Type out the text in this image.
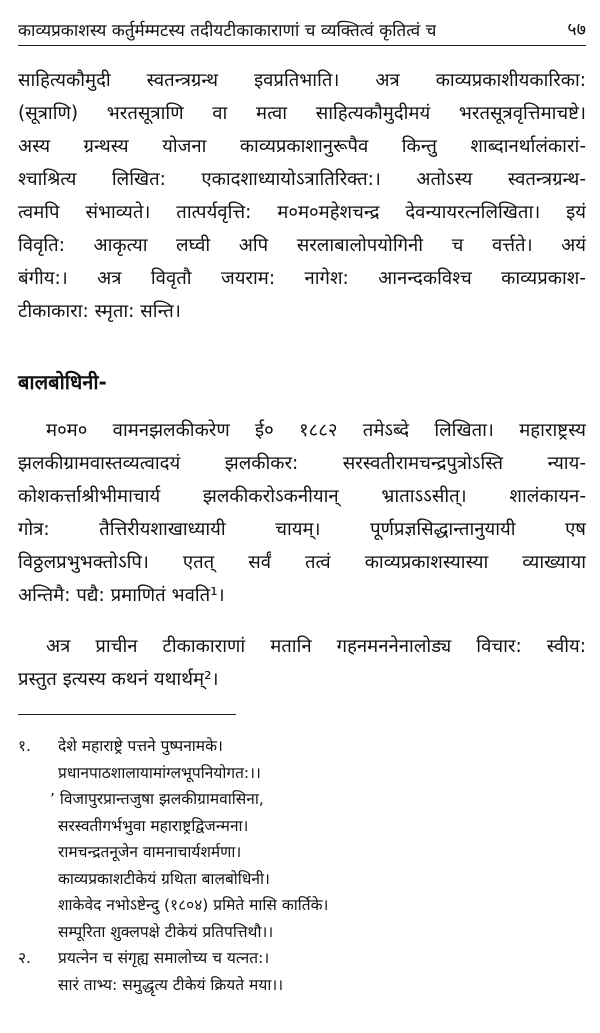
काव्यप्रकाशस्य कर्तुर्मम्मटस्य तदीयटीकाकाराणां च व्यक्तित्वं कृतित्वं च	५७
साहित्यकौमुदी स्वतन्त्रग्रन्थ इवप्रतिभाति। अत्र काव्यप्रकाशीयकारिका:
(सूत्राणि) भरतसूत्राणि वा मत्वा साहित्यकौमुदीमयं भरतसूत्रवृत्तिमाचष्टे।
अस्य ग्रन्थस्य योजना काव्यप्रकाशानुरूपैव किन्तु शाब्दानर्थालंकारां-
श्चाश्रित्य लिखित: एकादशाध्यायोऽत्रातिरिक्त:। अतोऽस्य स्वतन्त्रग्रन्थ-
त्वमपि संभाव्यते। तात्पर्यवृत्ति: म०म०महेशचन्द्र देवन्यायरत्नलिखिता। इयं
विवृति: आकृत्या लघ्वी अपि सरलाबालोपयोगिनी च वर्त्तते। अयं
बंगीय:। अत्र विवृतौ जयराम: नागेश: आनन्दकविश्च काव्यप्रकाश-
टीकाकारा: स्मृता: सन्ति।
बालबोधिनी-
म०म० वामनझलकीकरेण ई० १८८२ तमेऽब्दे लिखिता। महाराष्ट्रस्य
झलकीग्रामवास्तव्यत्वादयं झलकीकर: सरस्वतीरामचन्द्रपुत्रोऽस्ति न्याय-
कोशकर्त्ताश्रीभीमाचार्य झलकीकरोऽकनीयान् भ्राताऽऽसीत्। शालंकायन-
गोत्र: तैत्तिरीयशाखाध्यायी चायम्। पूर्णप्रज्ञसिद्धान्तानुयायी एष
विठ्ठलप्रभुभक्तोऽपि। एतत् सर्वं तत्वं काव्यप्रकाशस्यास्या व्याख्याया
अन्तिमै: पद्यै: प्रमाणितं भवति¹।
अत्र प्राचीन टीकाकाराणां मतानि गहनमननेनालोड्य विचार: स्वीय:
प्रस्तुत इत्यस्य कथनं यथार्थम्²।
१. देशे महाराष्ट्रे पत्तने पुष्पनामके।
प्रधानपाठशालायामांग्लभूपनियोगत:।।
’ विजापुरप्रान्तजुषा झलकीग्रामवासिना,
सरस्वतीगर्भभुवा महाराष्ट्रद्विजन्मना।
रामचन्द्रतनूजेन वामनाचार्यशर्मणा।
काव्यप्रकाशटीकेयं ग्रथिता बालबोधिनी।
शाकेवेद नभोऽष्टेन्दु (१८०४) प्रमिते मासि कार्तिके।
सम्पूरिता शुक्लपक्षे टीकेयं प्रतिपत्तिथौ।।
२. प्रयत्नेन च संगृह्य समालोच्य च यत्नत:।
सारं ताभ्य: समुद्धृत्य टीकेयं क्रियते मया।।
